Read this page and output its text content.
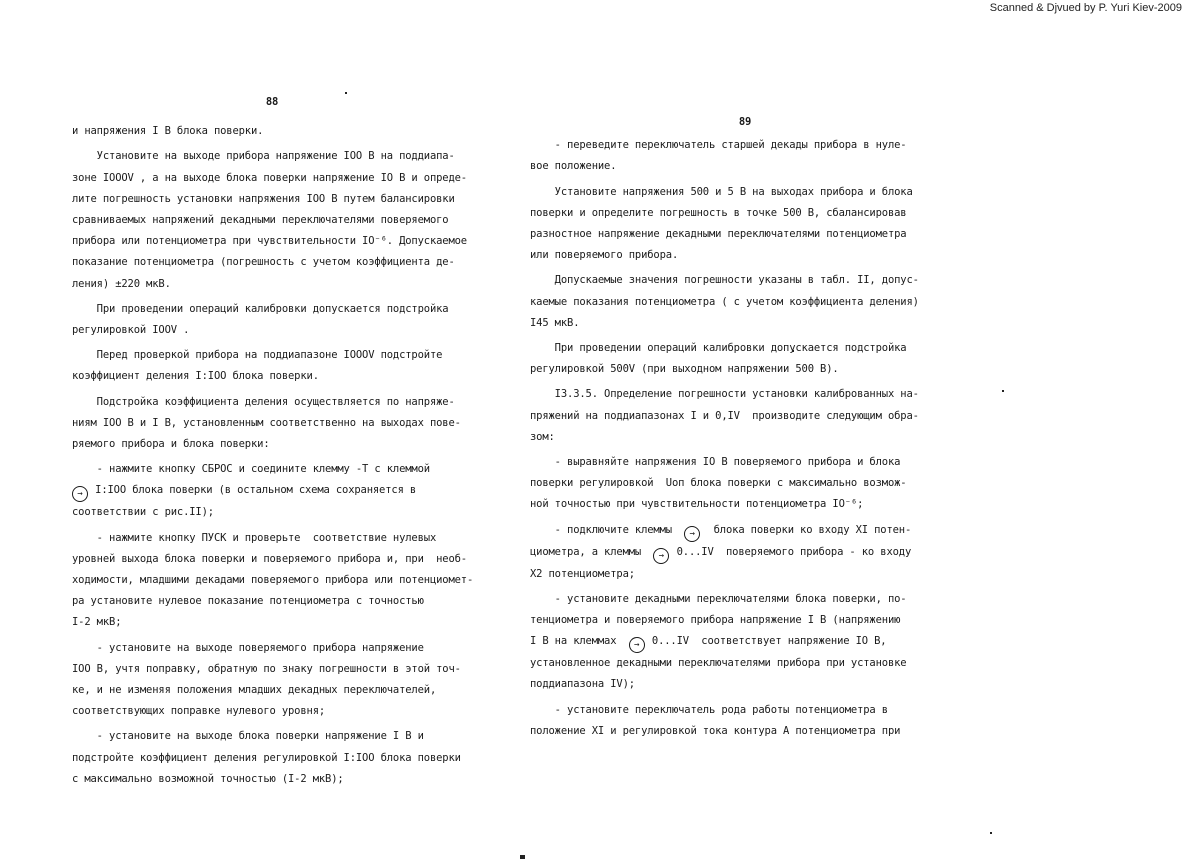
Scanned & Djvued by P. Yuri Kiev-2009
88
и напряжения I В блока поверки.
Установите на выходе прибора напряжение IOO В на поддиапа-
зоне IOOOV , а на выходе блока поверки напряжение IO В и опреде-
лите погрешность установки напряжения IOO В путем балансировки
сравниваемых напряжений декадными переключателями поверяемого
прибора или потенциометра при чувствительности IO⁻⁶. Допускаемое
показание потенциометра (погрешность с учетом коэффициента де-
ления) ±220 мкВ.
При проведении операций калибровки допускается подстройка
регулировкой IOOV .
Перед проверкой прибора на поддиапазоне IOOOV подстройте
коэффициент деления I:IOO блока поверки.
Подстройка коэффициента деления осуществляется по напряже-
ниям IOO В и I В, установленным соответственно на выходах пове-
ряемого прибора и блока поверки:
- нажмите кнопку СБРОС и соедините клемму -Т с клеммой
→ I:IOO блока поверки (в остальном схема сохраняется в
соответствии с рис.II);
- нажмите кнопку ПУСК и проверьте  соответствие нулевых
уровней выхода блока поверки и поверяемого прибора и, при  необ-
ходимости, младшими декадами поверяемого прибора или потенциомет-
ра установите нулевое показание потенциометра с точностью
I-2 мкВ;
- установите на выходе поверяемого прибора напряжение
IOO В, учтя поправку, обратную по знаку погрешности в этой точ-
ке, и не изменяя положения младших декадных переключателей,
соответствующих поправке нулевого уровня;
- установите на выходе блока поверки напряжение I В и
подстройте коэффициент деления регулировкой I:IOO блока поверки
с максимально возможной точностью (I-2 мкВ);
89
- переведите переключатель старшей декады прибора в нуле-
вое положение.
Установите напряжения 500 и 5 В на выходах прибора и блока
поверки и определите погрешность в точке 500 В, сбалансировав
разностное напряжение декадными переключателями потенциометра
или поверяемого прибора.
Допускаемые значения погрешности указаны в табл. II, допус-
каемые показания потенциометра ( с учетом коэффициента деления)
I45 мкВ.
При проведении операций калибровки допускается подстройка
регулировкой 500V (при выходном напряжении 500 В).
I3.3.5. Определение погрешности установки калиброванных на-
пряжений на поддиапазонах I и 0,IV  производите следующим обра-
зом:
- выравняйте напряжения IO В поверяемого прибора и блока
поверки регулировкой  Uоп блока поверки с максимально возмож-
ной точностью при чувствительности потенциометра IO⁻⁶;
- подключите клеммы  →  блока поверки ко входу XI потен-
циометра, а клеммы  → 0...IV  поверяемого прибора - ко входу
X2 потенциометра;
- установите декадными переключателями блока поверки, по-
тенциометра и поверяемого прибора напряжение I В (напряжению
I В на клеммах  → 0...IV  соответствует напряжение IO В,
установленное декадными переключателями прибора при установке
поддиапазона IV);
- установите переключатель рода работы потенциометра в
положение XI и регулировкой тока контура А потенциометра при
